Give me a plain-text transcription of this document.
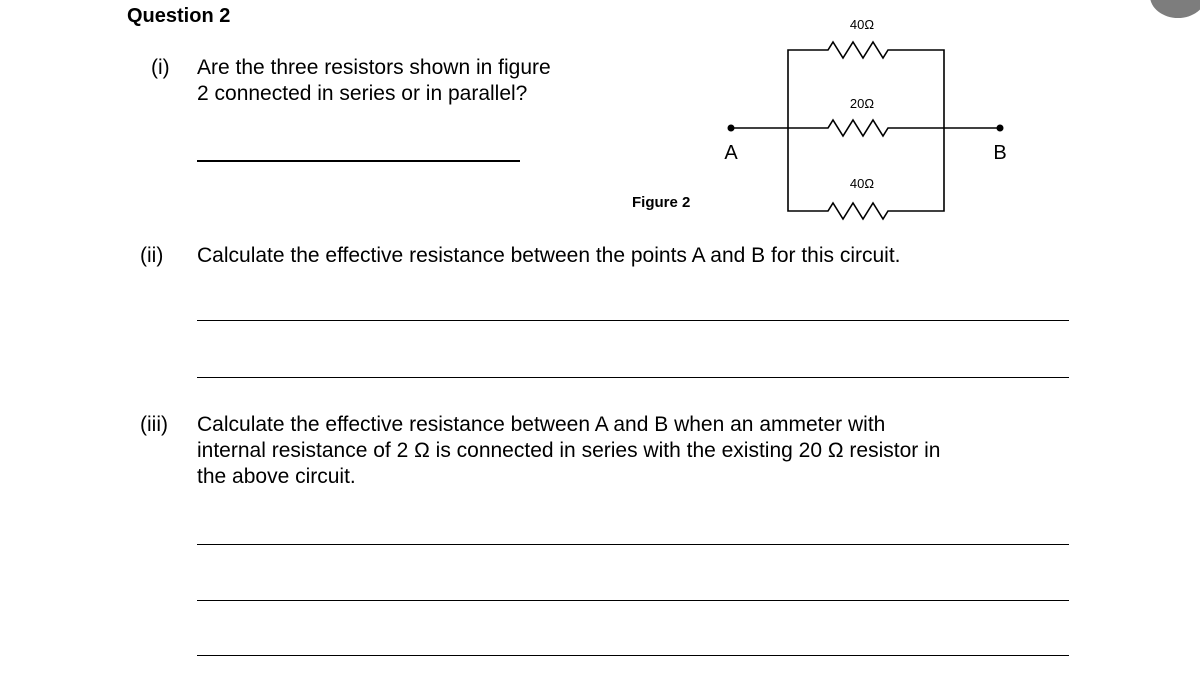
Question 2
(i) Are the three resistors shown in figure

2 connected in series or in parallel?

40Ω
20Ω
40Ω
A	B
Figure 2
(ii) Calculate the effective resistance between the points A and B for this circuit.

(iii) Calculate the effective resistance between A and B when an ammeter with

internal resistance of 2 Ω is connected in series with the existing 20 Ω resistor in

the above circuit.
